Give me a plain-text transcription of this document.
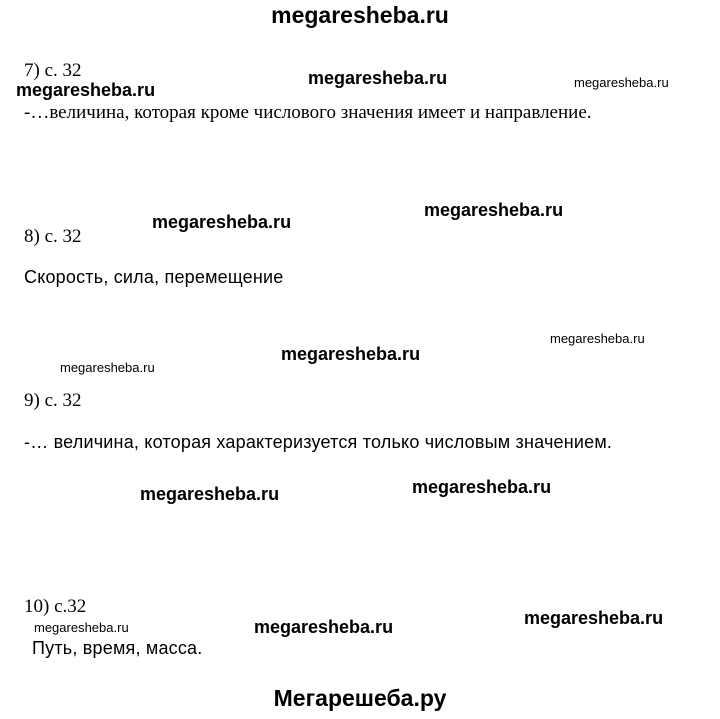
megaresheba.ru
7) с. 32	megaresheba.ru	megaresheba.ru
megaresheba.ru
-…величина, которая кроме числового значения имеет и направление.
megaresheba.ru
megaresheba.ru
8) с. 32
Скорость, сила, перемещение
megaresheba.ru
megaresheba.ru
megaresheba.ru
9) с. 32
-… величина, которая характеризуется только числовым значением.
megaresheba.ru
megaresheba.ru
10) с.32
megaresheba.ru
megaresheba.ru
megaresheba.ru
Путь, время, масса.
Мегарешеба.ру
